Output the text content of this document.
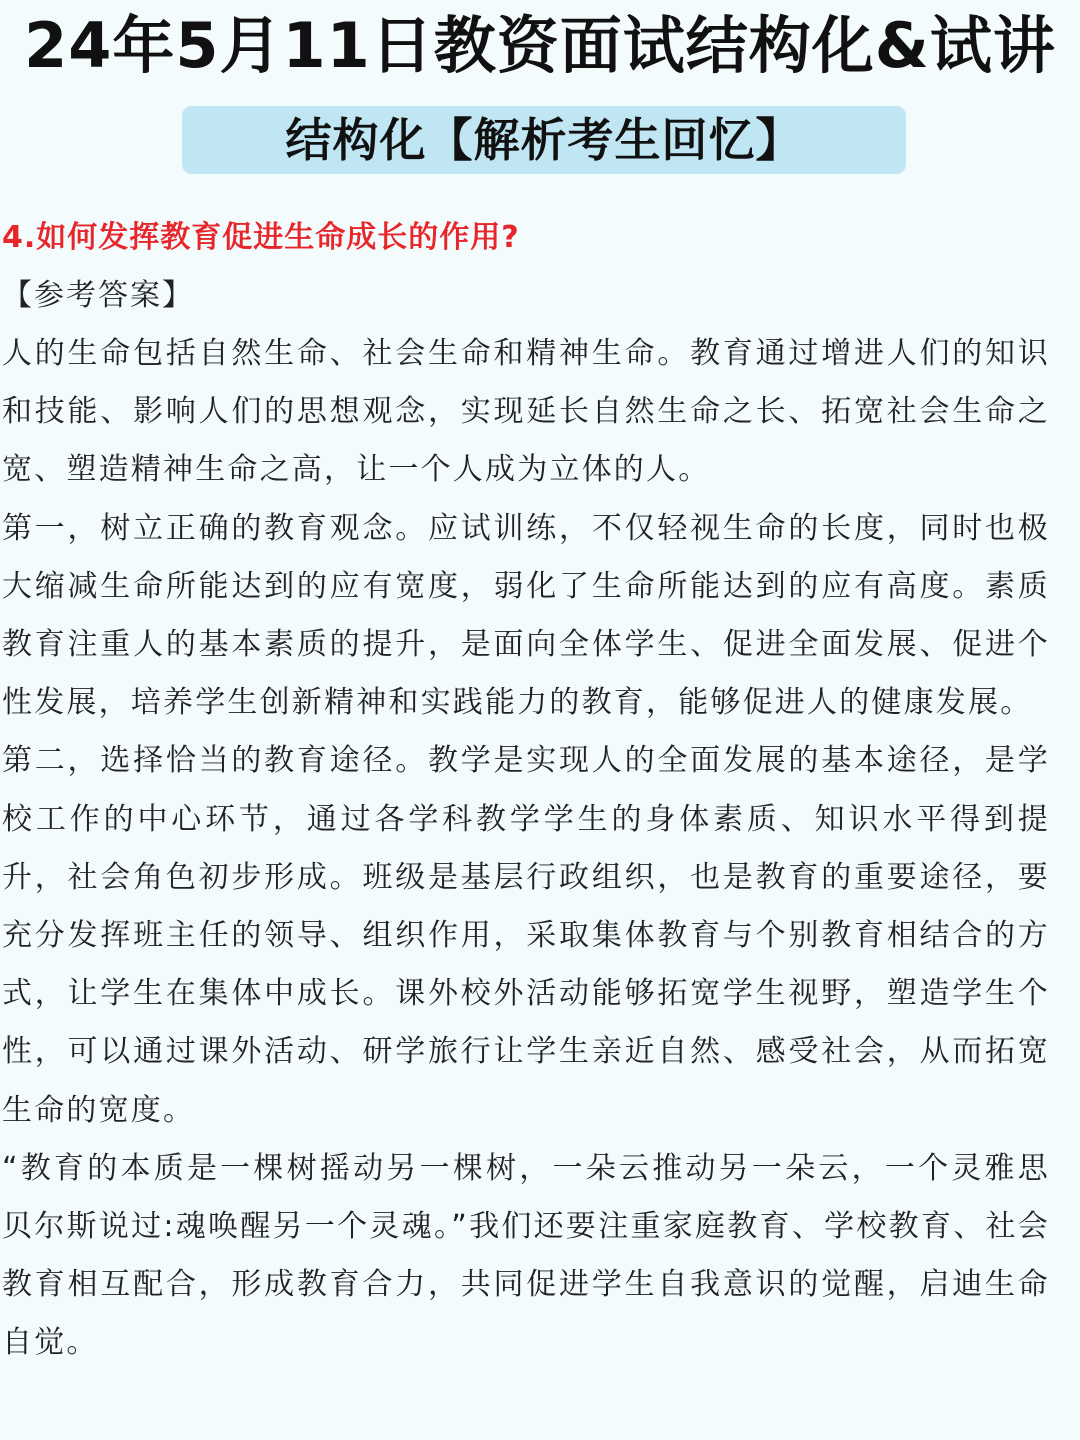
24年5月11日教资面试结构化&试讲
结构化【解析考生回忆】

4.如何发挥教育促进生命成长的作用?

【参考答案】

人的生命包括自然生命、社会生命和精神生命。教育通过增进人们的知识和技能、影响人们的思想观念，实现延长自然生命之长、拓宽社会生命之宽、塑造精神生命之高，让一个人成为立体的人。

第一，树立正确的教育观念。应试训练，不仅轻视生命的长度，同时也极大缩减生命所能达到的应有宽度，弱化了生命所能达到的应有高度。素质教育注重人的基本素质的提升，是面向全体学生、促进全面发展、促进个性发展，培养学生创新精神和实践能力的教育，能够促进人的健康发展。

第二，选择恰当的教育途径。教学是实现人的全面发展的基本途径，是学校工作的中心环节，通过各学科教学学生的身体素质、知识水平得到提升，社会角色初步形成。班级是基层行政组织，也是教育的重要途径，要充分发挥班主任的领导、组织作用，采取集体教育与个别教育相结合的方式，让学生在集体中成长。课外校外活动能够拓宽学生视野，塑造学生个性，可以通过课外活动、研学旅行让学生亲近自然、感受社会，从而拓宽生命的宽度。

“教育的本质是一棵树摇动另一棵树，一朵云推动另一朵云，一个灵雅思贝尔斯说过:魂唤醒另一个灵魂。”我们还要注重家庭教育、学校教育、社会教育相互配合，形成教育合力，共同促进学生自我意识的觉醒，启迪生命自觉。
